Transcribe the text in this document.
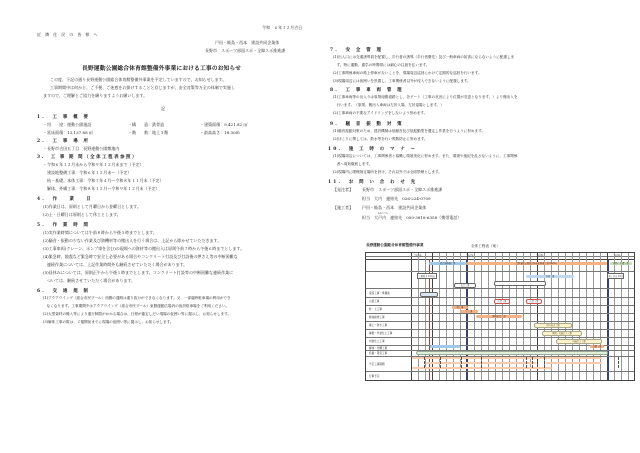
令和　６年１２月吉日
近 隣 住 民 の 皆 様 へ
戸田・飯島・西本　建設共同企業体
長野市　スポーツ部国スポ・全障スポ推進課
長野運動公園総合体育館整備外事業における工事のお知らせ
この度、下記の通り長野運動公園総合体育館整備外事業を予定していますので、お知らせします。
工事期間中は何かと、ご不便、ご迷惑をお掛けすることと存じますが、安全対策等万全の体制で実施し
ますので、ご理解とご協力を賜りますようお願いします。
記
1.　工 事 概 要
・用　　途：運動公園施設	・構　　造：鉄骨造	・建築面積：9,421.82 ㎡
・延床面積：13,137.88 ㎡	・階　　数：地上３階	・最高高さ：18.30ｍ
2.　工 事 場 所
・長野市吉田五丁目　長野運動公園敷地内
3.　工 事 期 間（全体工程表参照）
・令和６年１２月末から令和９年１２月末まで（予定）
　建設地整備工事：令和６年１２月末～（予定）
　杭・基礎、本体工事：令和７年４月～令和８年１１月末（予定）
　解体、外構工事：令和８年１２月～令和９年１２月末（予定）
4.　作　 業 　日
(1)作業日は、原則として月曜日から金曜日とします。
(2)土・日曜日は原則として休工とします。
5.　作 業 時 間
(1)実作業時間については午前８時から午後５時までとします。
(2)騒音・振動の少ない作業及び資機材等の搬出入を行う場合は、上記から除かせていただきます。
(3)工事車両(クレーン、ポンプ車を含む)の現場への資材等の搬出入は原則午前７時から午後６時までとします。
(4)緊急時、地震など緊急時で安全上必要がある場合やコンクリート打設及び打設後の押さえ等の中断困難な
　連続作業については、上記作業時間外も継続させていただく場合があります。
(5)昼休みについては、原則正午から午後１時までとします。コンクリート打設等の中断困難な連続作業に
　ついては、継続させていただく場合があります。
6.　交 通 規 制
(1)アクアウイング（総合市民プール）西側の通路は通り抜けができなくなります。又、一部臨時駐車場の利用ができ
　なくなります。工事期間中はアクアウイング（総合市民プール）東側運動広場内の仮設駐車場をご利用ください。
(2)大型資材の搬入等により通行制限がかかる場合は、日程が確定しだい現場の仮囲い等に掲示し、お知らせします。
(3)解体工事の際は、２週間前までに現場の仮囲い等に掲示し、お知らせします。
7.　安 全 管 理
(1)出入口には交通誘導員を配置し、歩行者の誘導（歩行者優先）及び一般車両の妨害にならないように配慮しま
　す。特に通勤、通学の時間帯には細心の注意を払います。
(2)工事関係車両の路上停車がないことを、現場周辺巡回にかけて定期的な巡回を行います。
(3)現場周辺には仮囲いを設置し、工事関係者以外が侵入できないように配慮します。
8.　工 事 車 両 管 理
(1)工事車両等の出入りは原則南側道路とし、各ゲート（工事の状況により位置が変更となります。）より搬出入を
　行います。（原則、搬出入車両は左折入場、左折退場とします。）
(2)工事車両の不要なアイドリングをしないよう努めます。
9.　騒 音 振 動 対 策
(1)騒音振動対策のため、建設機械は低騒音及び低振動型を選定し作業を行うように努めます。
(2)ほこりに関しては、散水等を行い飛散防止に努めます。
10.　施 工 時 の マ ナ ー
(1)現場周辺については、工事関係者と協働し環境美化に努めます。また、環境や風紀を乱さないように、工事関係
　者へ周知徹底します。
(2)現場内に喫煙指定場所を設け、それ以外では全面禁煙とします。
11.　お 問 い 合 わ せ 先
【発注者】 長野市　スポーツ部国スポ・全障スポ推進課
担当　大内　連絡先　026-224-0709
【施工者】 戸田・飯島・西本　建設共同企業体
おおとうち
担当　大戸内　連絡先　050-3818-6358（携帯電話）
長野運動公園総合体育館整備外事業	全体工程表（案）
令和6年	令和7年	令和8年	令和9年
仮設工事・準備他
山留工事
杭・土工事
躯体鉄骨工事
屋上・防水工事
屋根・外装仕上工事
内装仕上工事
解体・外構工事
設備・電気工事
予定工事期間
行事予定
建設地整備工事	長野運動公園総合体育館整備工事 2024年	解体・外構工事
工事着手 12月末	竣工予定 12月
本体工事
仮設工事
山留工事	山留工事
杭工事
土工事
躯体鉄骨工事
屋上防水工事
屋根・外装仕上工事
内装仕上工事
外構工事
